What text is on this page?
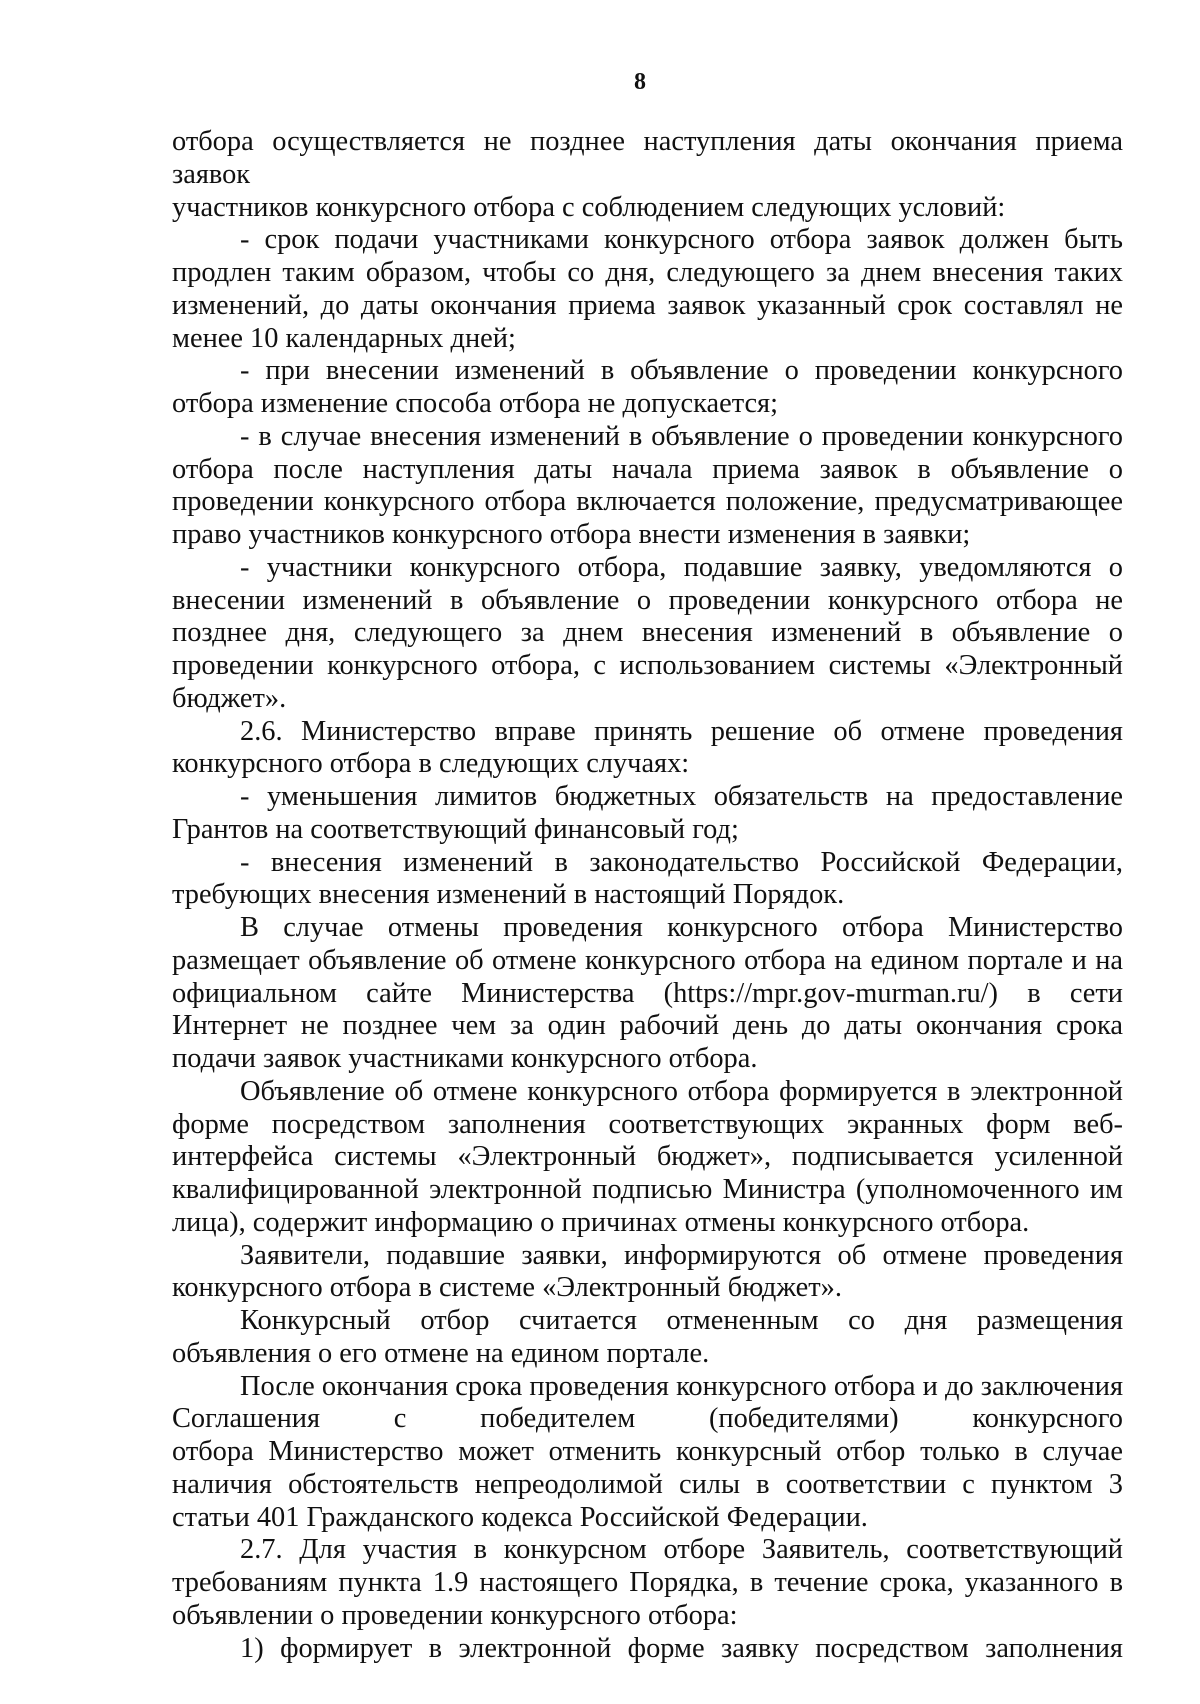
8

отбора осуществляется не позднее наступления даты окончания приема заявок

участников конкурсного отбора с соблюдением следующих условий:

- срок подачи участниками конкурсного отбора заявок должен быть

продлен таким образом, чтобы со дня, следующего за днем внесения таких

изменений, до даты окончания приема заявок указанный срок составлял не

менее 10 календарных дней;

- при внесении изменений в объявление о проведении конкурсного

отбора изменение способа отбора не допускается;

- в случае внесения изменений в объявление о проведении конкурсного

отбора после наступления даты начала приема заявок в объявление о

проведении конкурсного отбора включается положение, предусматривающее

право участников конкурсного отбора внести изменения в заявки;

- участники конкурсного отбора, подавшие заявку, уведомляются о

внесении изменений в объявление о проведении конкурсного отбора не

позднее дня, следующего за днем внесения изменений в объявление о

проведении конкурсного отбора, с использованием системы «Электронный

бюджет».

2.6. Министерство вправе принять решение об отмене проведения

конкурсного отбора в следующих случаях:

- уменьшения лимитов бюджетных обязательств на предоставление

Грантов на соответствующий финансовый год;

- внесения изменений в законодательство Российской Федерации,

требующих внесения изменений в настоящий Порядок.

В случае отмены проведения конкурсного отбора Министерство

размещает объявление об отмене конкурсного отбора на едином портале и на

официальном сайте Министерства (https://mpr.gov-murman.ru/) в сети

Интернет не позднее чем за один рабочий день до даты окончания срока

подачи заявок участниками конкурсного отбора.

Объявление об отмене конкурсного отбора формируется в электронной

форме посредством заполнения соответствующих экранных форм веб-

интерфейса системы «Электронный бюджет», подписывается усиленной

квалифицированной электронной подписью Министра (уполномоченного им

лица), содержит информацию о причинах отмены конкурсного отбора.

Заявители, подавшие заявки, информируются об отмене проведения

конкурсного отбора в системе «Электронный бюджет».

Конкурсный отбор считается отмененным со дня размещения

объявления о его отмене на едином портале.

После окончания срока проведения конкурсного отбора и до заключения

Соглашения с победителем (победителями) конкурсного

отбора Министерство может отменить конкурсный отбор только в случае

наличия обстоятельств непреодолимой силы в соответствии с пунктом 3

статьи 401 Гражданского кодекса Российской Федерации.

2.7. Для участия в конкурсном отборе Заявитель, соответствующий

требованиям пункта 1.9 настоящего Порядка, в течение срока, указанного в

объявлении о проведении конкурсного отбора:

1) формирует в электронной форме заявку посредством заполнения
